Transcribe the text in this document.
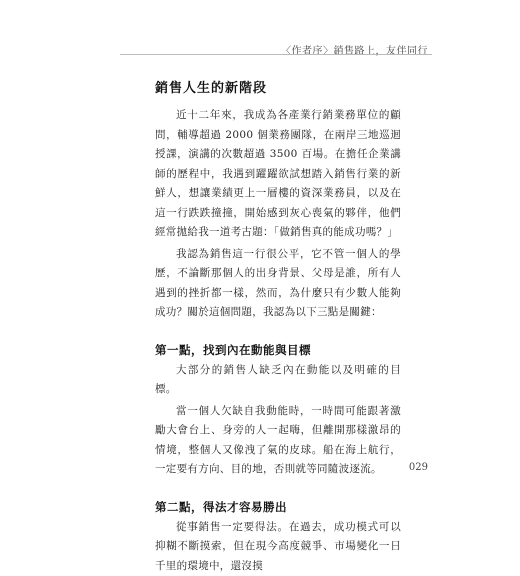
〈作者序〉銷售路上，友伴同行
銷售人生的新階段

近十二年來，我成為各產業行銷業務單位的顧問，輔導超過 2000 個業務團隊，在兩岸三地巡迴授課，演講的次數超過 3500 百場。在擔任企業講師的歷程中，我遇到躍躍欲試想踏入銷售行業的新鮮人，想讓業績更上一層樓的資深業務員，以及在這一行跌跌撞撞，開始感到灰心喪氣的夥伴，他們經常拋給我一道考古題：「做銷售真的能成功嗎？」

我認為銷售這一行很公平，它不管一個人的學歷，不論斷那個人的出身背景、父母是誰，所有人遇到的挫折都一樣，然而，為什麼只有少數人能夠成功？關於這個問題，我認為以下三點是關鍵：

第一點，找到內在動能與目標

大部分的銷售人缺乏內在動能以及明確的目標。

當一個人欠缺自我動能時，一時間可能跟著激勵大會台上、身旁的人一起嗨，但離開那樣激昂的情境，整個人又像洩了氣的皮球。船在海上航行，一定要有方向、目的地，否則就等同隨波逐流。

第二點，得法才容易勝出

從事銷售一定要得法。在過去，成功模式可以抑糊不斷摸索，但在現今高度競爭、市場變化一日千里的環境中，還沒摸

029
